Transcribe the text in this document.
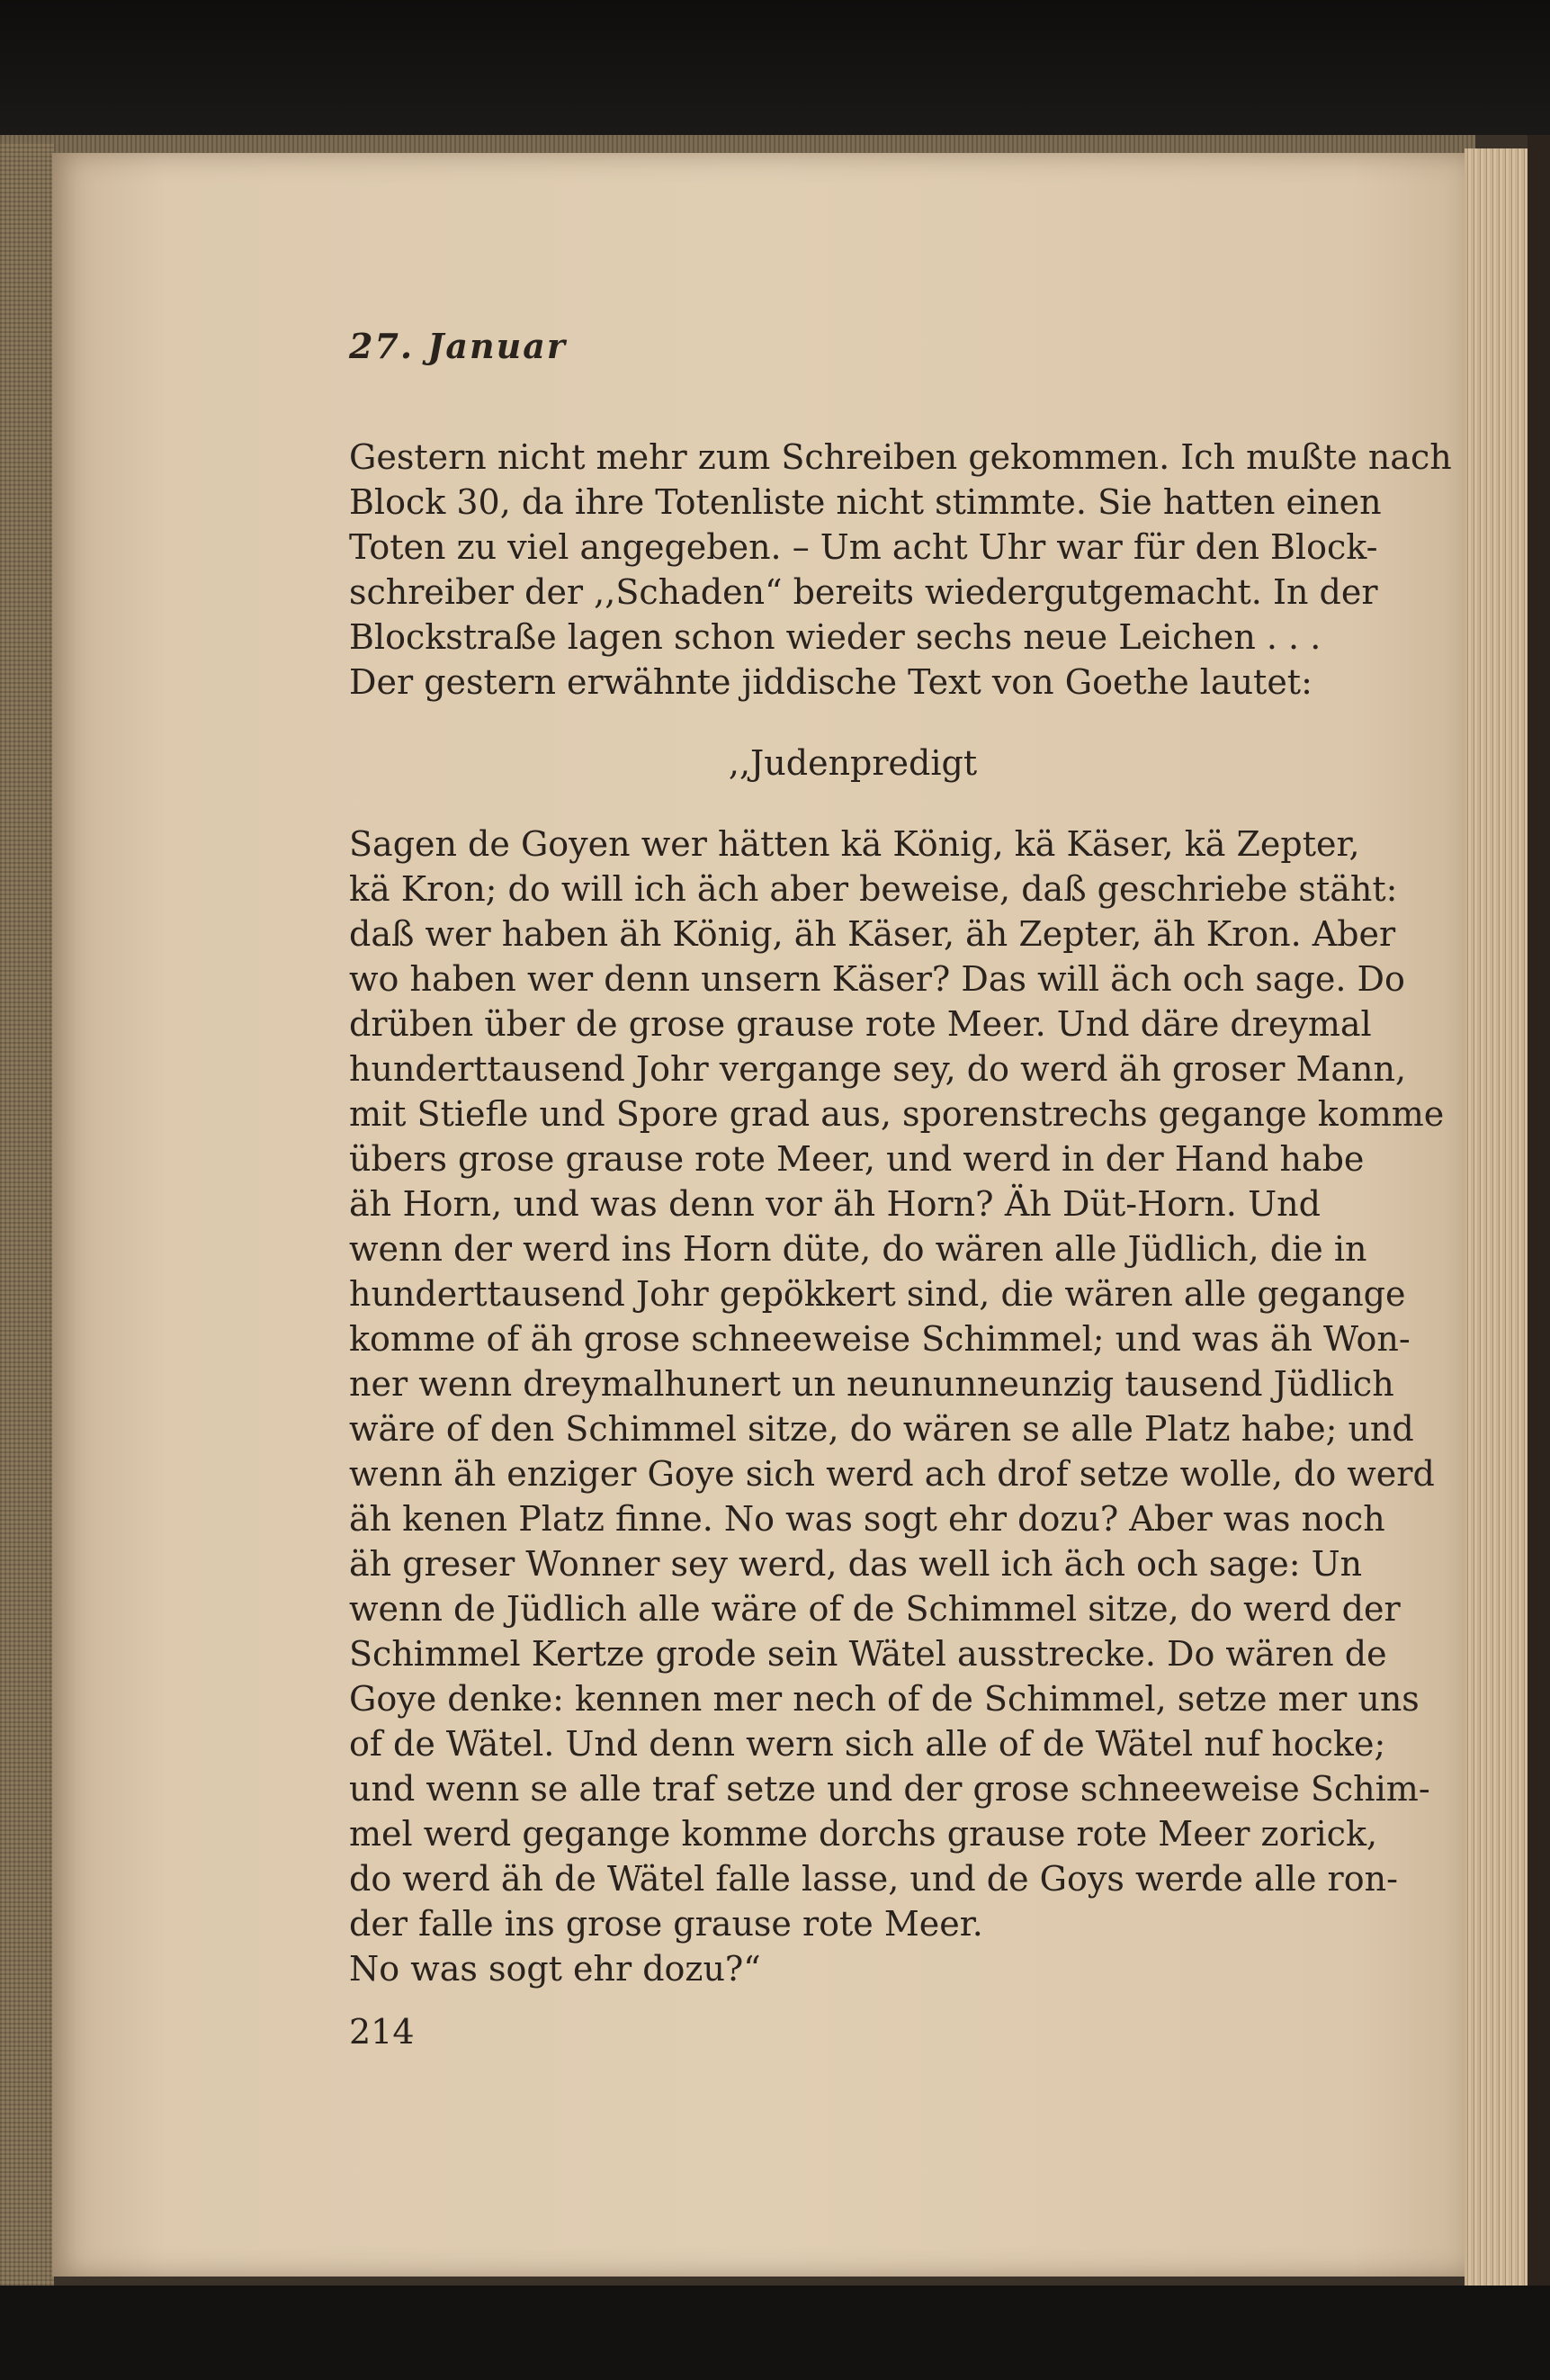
27. Januar
Gestern nicht mehr zum Schreiben gekommen. Ich mußte nach
Block 30, da ihre Totenliste nicht stimmte. Sie hatten einen
Toten zu viel angegeben. – Um acht Uhr war für den Block-
schreiber der ,,Schaden“ bereits wiedergutgemacht. In der
Blockstraße lagen schon wieder sechs neue Leichen . . .
Der gestern erwähnte jiddische Text von Goethe lautet:
,,Judenpredigt
Sagen de Goyen wer hätten kä König, kä Käser, kä Zepter,
kä Kron; do will ich äch aber beweise, daß geschriebe stäht:
daß wer haben äh König, äh Käser, äh Zepter, äh Kron. Aber
wo haben wer denn unsern Käser? Das will äch och sage. Do
drüben über de grose grause rote Meer. Und däre dreymal
hunderttausend Johr vergange sey, do werd äh groser Mann,
mit Stiefle und Spore grad aus, sporenstrechs gegange komme
übers grose grause rote Meer, und werd in der Hand habe
äh Horn, und was denn vor äh Horn? Äh Düt-Horn. Und
wenn der werd ins Horn düte, do wären alle Jüdlich, die in
hunderttausend Johr gepökkert sind, die wären alle gegange
komme of äh grose schneeweise Schimmel; und was äh Won-
ner wenn dreymalhunert un neununneunzig tausend Jüdlich
wäre of den Schimmel sitze, do wären se alle Platz habe; und
wenn äh enziger Goye sich werd ach drof setze wolle, do werd
äh kenen Platz finne. No was sogt ehr dozu? Aber was noch
äh greser Wonner sey werd, das well ich äch och sage: Un
wenn de Jüdlich alle wäre of de Schimmel sitze, do werd der
Schimmel Kertze grode sein Wätel ausstrecke. Do wären de
Goye denke: kennen mer nech of de Schimmel, setze mer uns
of de Wätel. Und denn wern sich alle of de Wätel nuf hocke;
und wenn se alle traf setze und der grose schneeweise Schim-
mel werd gegange komme dorchs grause rote Meer zorick,
do werd äh de Wätel falle lasse, und de Goys werde alle ron-
der falle ins grose grause rote Meer.
No was sogt ehr dozu?“
214
